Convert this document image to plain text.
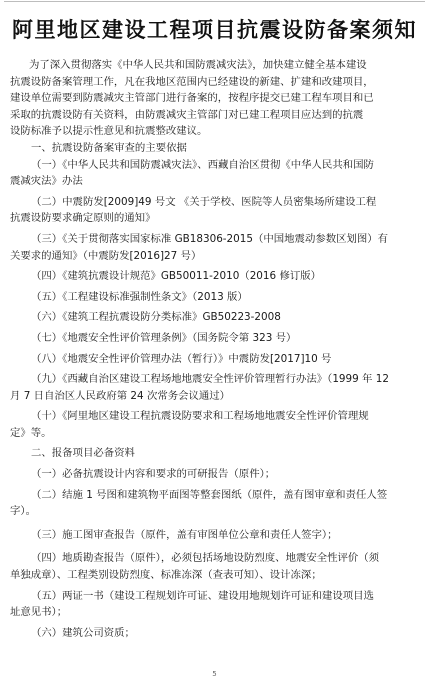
阿里地区建设工程项目抗震设防备案须知

为了深入贯彻落实《中华人民共和国防震减灾法》，加快建立健全基本建设

抗震设防备案管理工作，凡在我地区范围内已经建设的新建、扩建和改建项目，

建设单位需要到防震减灾主管部门进行备案的，按程序提交已建工程车项目和已

采取的抗震设防有关资料，由防震减灾主管部门对已建工程项目应达到的抗震

设防标准予以提示性意见和抗震整改建议。

一、抗震设防备案审查的主要依据

（一）《中华人民共和国防震减灾法》、西藏自治区贯彻《中华人民共和国防

震减灾法》办法

（二）中震防发[2009]49 号文 《关于学校、医院等人员密集场所建设工程

抗震设防要求确定原则的通知》

（三）《关于贯彻落实国家标准 GB18306-2015（中国地震动参数区划图）有

关要求的通知》（中震防发[2016]27 号）

（四）《建筑抗震设计规范》GB50011-2010（2016 修订版）

（五）《工程建设标准强制性条文》（2013 版）

（六）《建筑工程抗震设防分类标准》GB50223-2008

（七）《地震安全性评价管理条例》（国务院令第 323 号）

（八）《地震安全性评价管理办法（暂行）》中震防发[2017]10 号

（九）《西藏自治区建设工程场地地震安全性评价管理暂行办法》（1999 年 12

月 7 日自治区人民政府第 24 次常务会议通过）

（十）《阿里地区建设工程抗震设防要求和工程场地地震安全性评价管理规

定》等。

二、报备项目必备资料

（一）必备抗震设计内容和要求的可研报告（原件）；

（二）结施 1 号图和建筑物平面图等整套图纸（原件，盖有图审章和责任人签

字）。

（三）施工图审查报告（原件，盖有审图单位公章和责任人签字）；

（四）地质勘查报告（原件），必须包括场地设防烈度、地震安全性评价（须

单独成章）、工程类别设防烈度、标准冻深（查表可知）、设计冻深；

（五）两证一书（建设工程规划许可证、建设用地规划许可证和建设项目选

址意见书）；

（六）建筑公司资质；

5
